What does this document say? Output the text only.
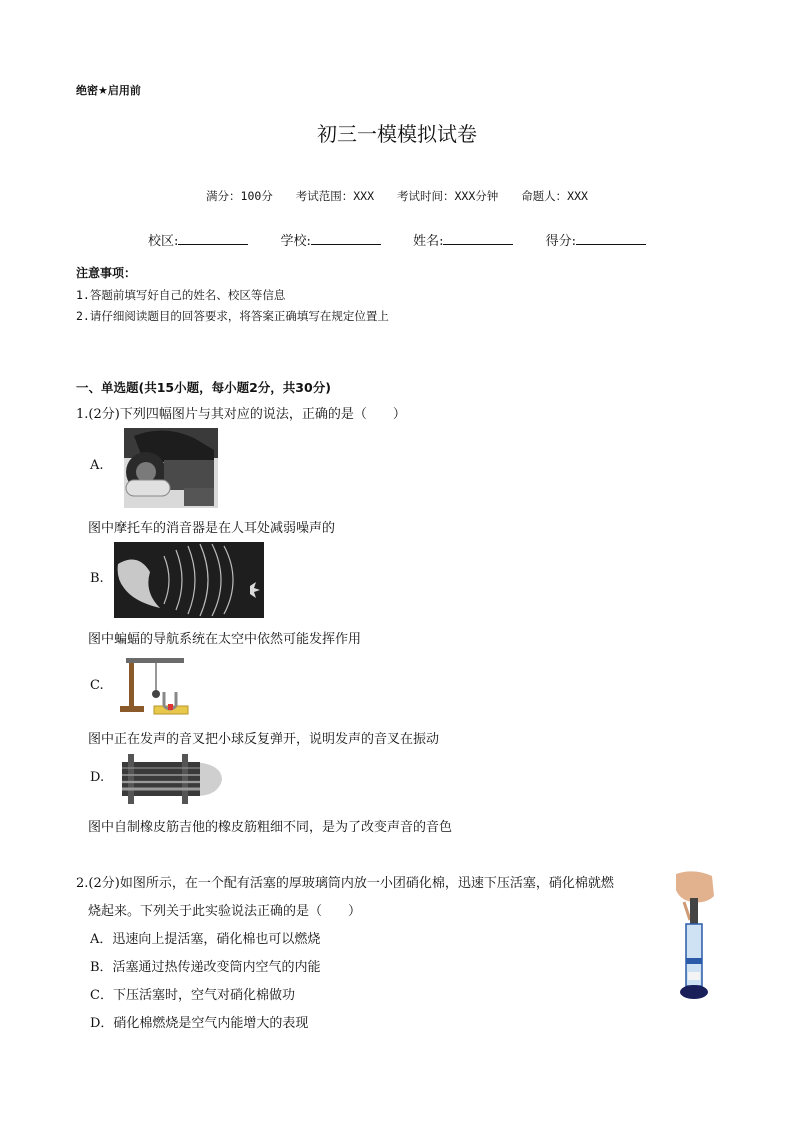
绝密★启用前
初三一模模拟试卷
满分：100分 考试范围：XXX 考试时间：XXX分钟 命题人：XXX
校区:	学校:	姓名:	得分:
注意事项：
1.答题前填写好自己的姓名、校区等信息
2.请仔细阅读题目的回答要求，将答案正确填写在规定位置上
一、单选题(共15小题，每小题2分，共30分)
1.(2分)下列四幅图片与其对应的说法，正确的是（　　）
A.
图中摩托车的消音器是在人耳处减弱噪声的
B.
图中蝙蝠的导航系统在太空中依然可能发挥作用
C.
图中正在发声的音叉把小球反复弹开，说明发声的音叉在振动
D.
图中自制橡皮筋吉他的橡皮筋粗细不同，是为了改变声音的音色
2.(2分)如图所示，在一个配有活塞的厚玻璃筒内放一小团硝化棉，迅速下压活塞，硝化棉就燃
烧起来。下列关于此实验说法正确的是（　　）
A．迅速向上提活塞，硝化棉也可以燃烧
B．活塞通过热传递改变筒内空气的内能
C．下压活塞时，空气对硝化棉做功
D．硝化棉燃烧是空气内能增大的表现
